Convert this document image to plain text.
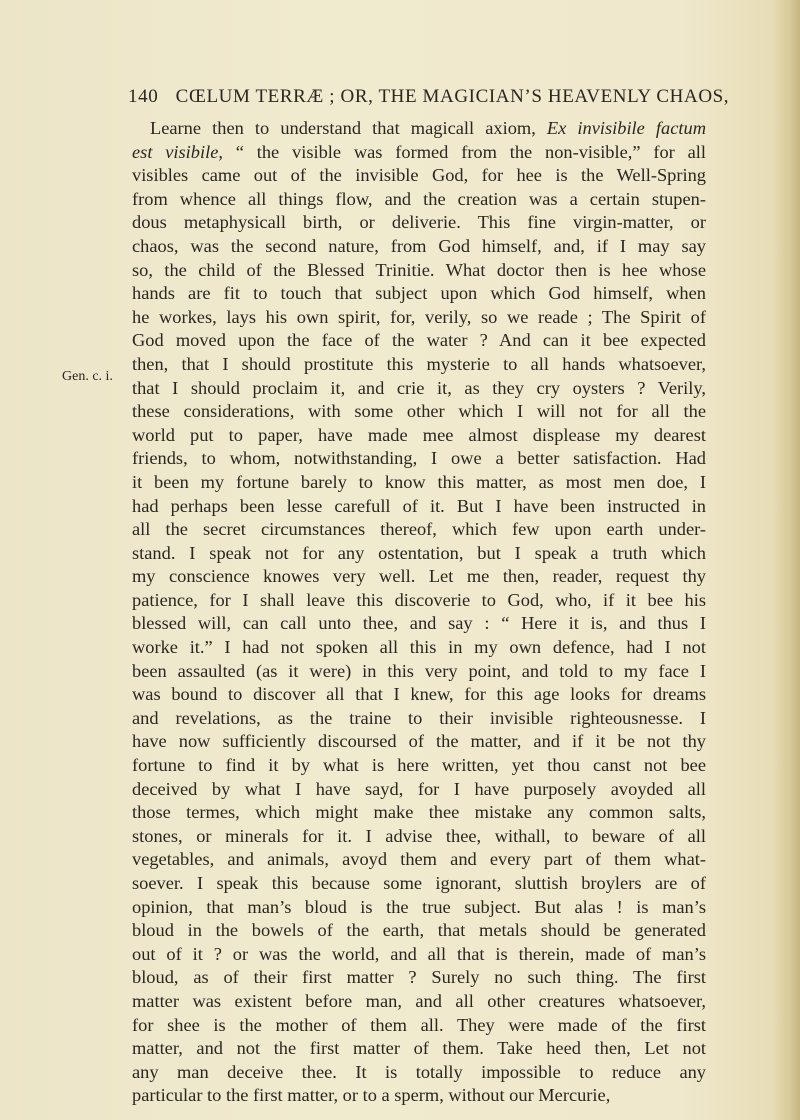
140 CŒLUM TERRÆ ; OR, THE MAGICIAN’S HEAVENLY CHAOS,
Gen. c. i.
Learne then to understand that magicall axiom, Ex invisibile factum
est visibile, “ the visible was formed from the non-visible,” for all
visibles came out of the invisible God, for hee is the Well-Spring
from whence all things flow, and the creation was a certain stupen-
dous metaphysicall birth, or deliverie. This fine virgin-matter, or
chaos, was the second nature, from God himself, and, if I may say
so, the child of the Blessed Trinitie. What doctor then is hee whose
hands are fit to touch that subject upon which God himself, when
he workes, lays his own spirit, for, verily, so we reade ; The Spirit of
God moved upon the face of the water ? And can it bee expected
then, that I should prostitute this mysterie to all hands whatsoever,
that I should proclaim it, and crie it, as they cry oysters ? Verily,
these considerations, with some other which I will not for all the
world put to paper, have made mee almost displease my dearest
friends, to whom, notwithstanding, I owe a better satisfaction. Had
it been my fortune barely to know this matter, as most men doe, I
had perhaps been lesse carefull of it. But I have been instructed in
all the secret circumstances thereof, which few upon earth under-
stand. I speak not for any ostentation, but I speak a truth which
my conscience knowes very well. Let me then, reader, request thy
patience, for I shall leave this discoverie to God, who, if it bee his
blessed will, can call unto thee, and say : “ Here it is, and thus I
worke it.” I had not spoken all this in my own defence, had I not
been assaulted (as it were) in this very point, and told to my face I
was bound to discover all that I knew, for this age looks for dreams
and revelations, as the traine to their invisible righteousnesse. I
have now sufficiently discoursed of the matter, and if it be not thy
fortune to find it by what is here written, yet thou canst not bee
deceived by what I have sayd, for I have purposely avoyded all
those termes, which might make thee mistake any common salts,
stones, or minerals for it. I advise thee, withall, to beware of all
vegetables, and animals, avoyd them and every part of them what-
soever. I speak this because some ignorant, sluttish broylers are of
opinion, that man’s bloud is the true subject. But alas ! is man’s
bloud in the bowels of the earth, that metals should be generated
out of it ? or was the world, and all that is therein, made of man’s
bloud, as of their first matter ? Surely no such thing. The first
matter was existent before man, and all other creatures whatsoever,
for shee is the mother of them all. They were made of the first
matter, and not the first matter of them. Take heed then, Let not
any man deceive thee. It is totally impossible to reduce any
particular to the first matter, or to a sperm, without our Mercurie,
